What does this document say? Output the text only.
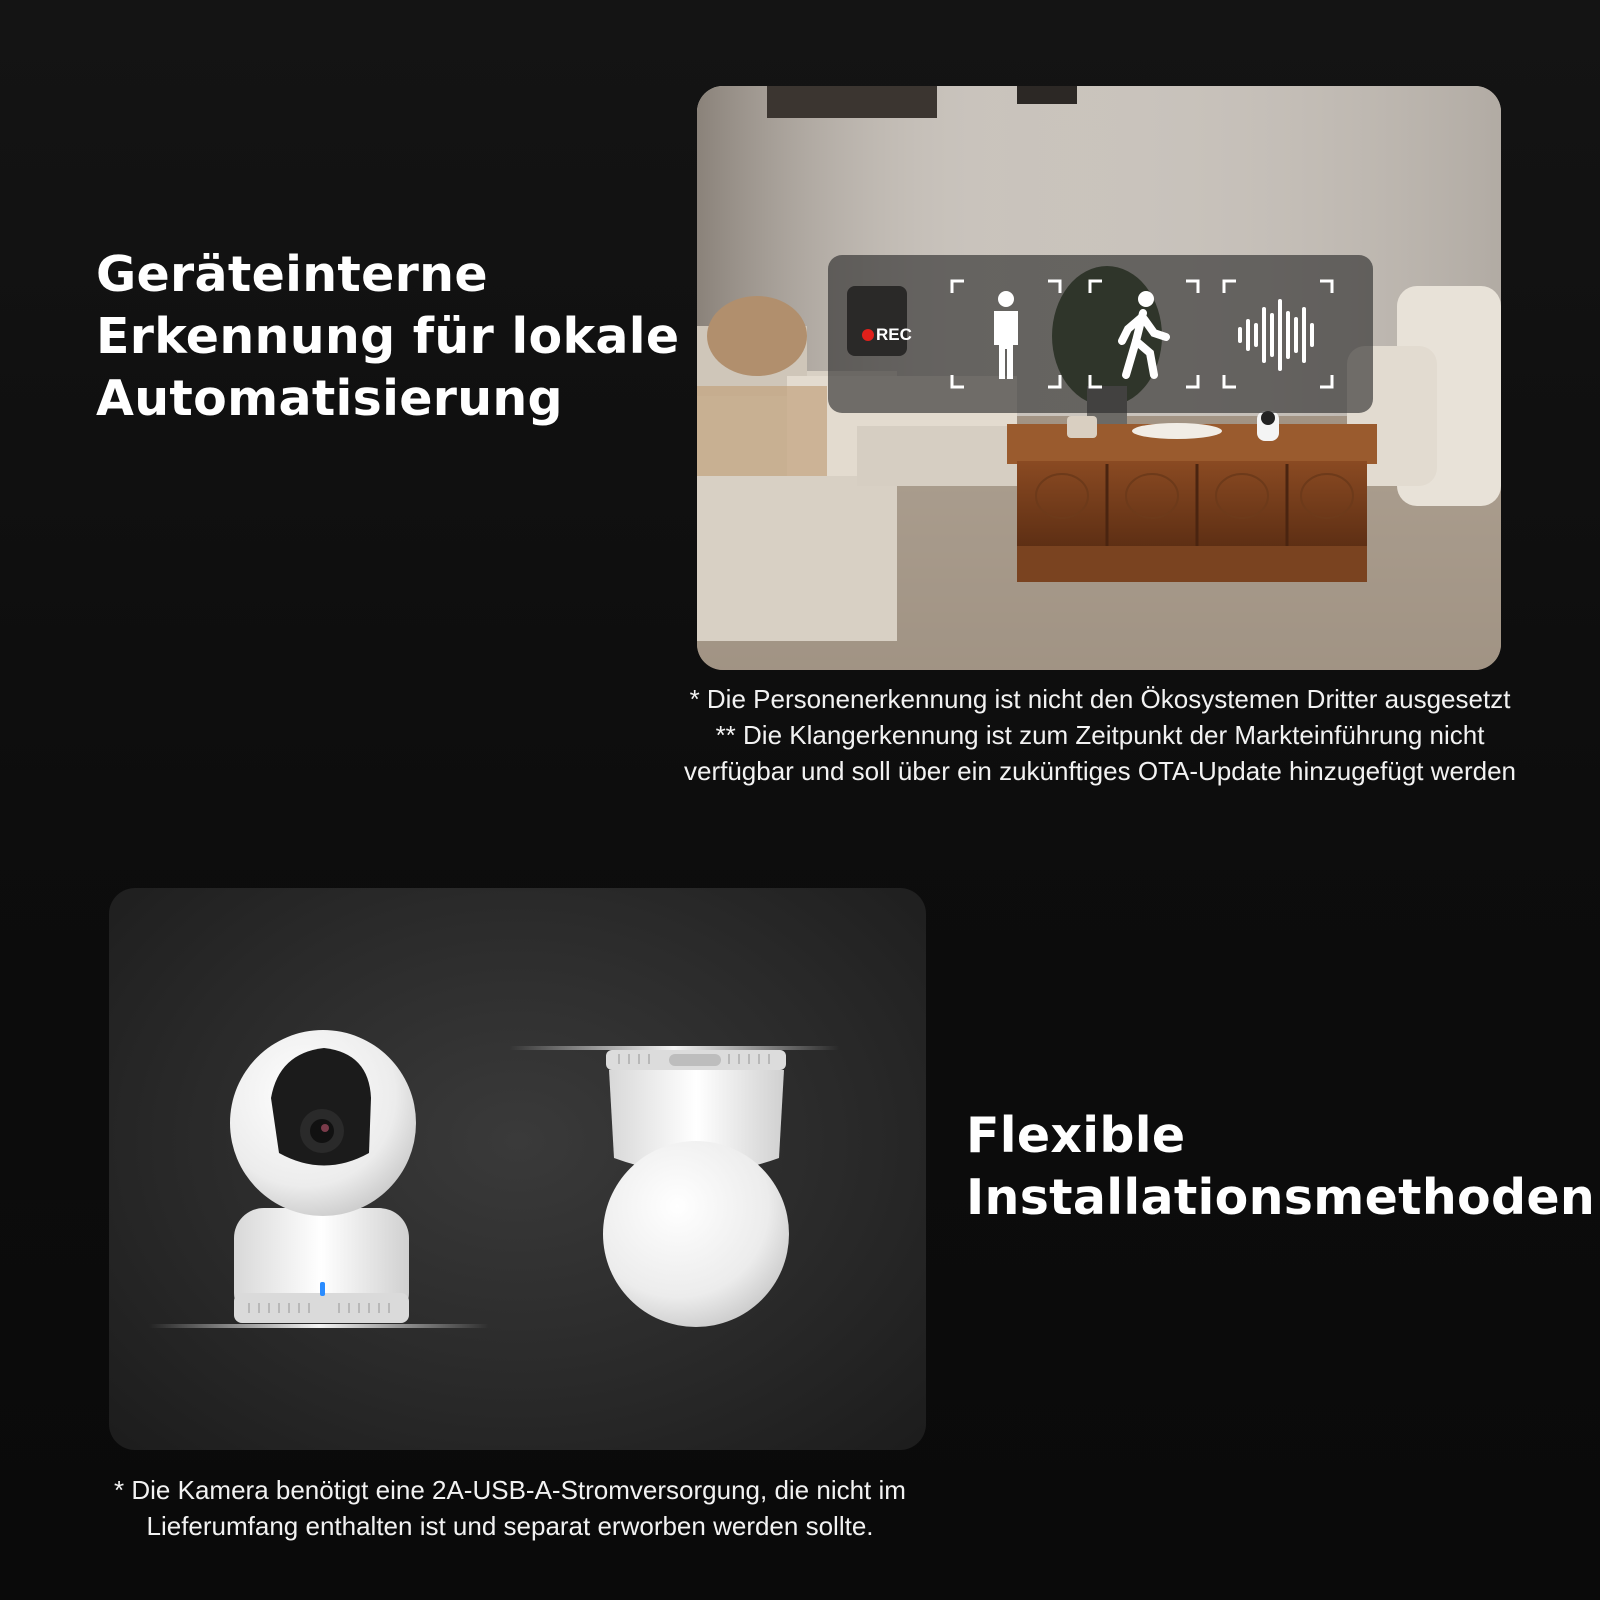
Geräteinterne
Erkennung für lokale
Automatisierung
REC
* Die Personenerkennung ist nicht den Ökosystemen Dritter ausgesetzt
** Die Klangerkennung ist zum Zeitpunkt der Markteinführung nicht
verfügbar und soll über ein zukünftiges OTA-Update hinzugefügt werden
Flexible
Installationsmethoden
* Die Kamera benötigt eine 2A-USB-A-Stromversorgung, die nicht im
Lieferumfang enthalten ist und separat erworben werden sollte.
